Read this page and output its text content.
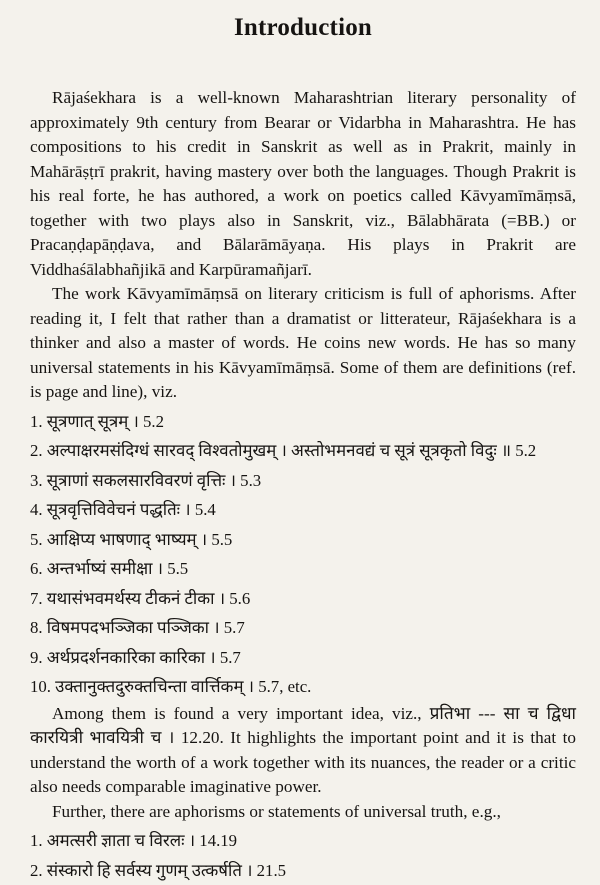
Introduction

Rājaśekhara is a well-known Maharashtrian literary personality of approximately 9th century from Bearar or Vidarbha in Maharashtra. He has compositions to his credit in Sanskrit as well as in Prakrit, mainly in Mahārāṣṭrī prakrit, having mastery over both the languages. Though Prakrit is his real forte, he has authored, a work on poetics called Kāvyamīmāṃsā, together with two plays also in Sanskrit, viz., Bālabhārata (=BB.) or Pracaṇḍapāṇḍava, and Bālarāmāyaṇa. His plays in Prakrit are Viddhaśālabhañjikā and Karpūramañjarī.

The work Kāvyamīmāṃsā on literary criticism is full of aphorisms. After reading it, I felt that rather than a dramatist or litterateur, Rājaśekhara is a thinker and also a master of words. He coins new words. He has so many universal statements in his Kāvyamīmāṃsā. Some of them are definitions (ref. is page and line), viz.

1. सूत्रणात् सूत्रम् । 5.2
2. अल्पाक्षरमसंदिग्धं सारवद् विश्वतोमुखम् । अस्तोभमनवद्यं च सूत्रं सूत्रकृतो विदुः ॥ 5.2
3. सूत्राणां सकलसारविवरणं वृत्तिः । 5.3
4. सूत्रवृत्तिविवेचनं पद्धतिः । 5.4
5. आक्षिप्य भाषणाद् भाष्यम् । 5.5
6. अन्तर्भाष्यं समीक्षा । 5.5
7. यथासंभवमर्थस्य टीकनं टीका । 5.6
8. विषमपदभञ्जिका पञ्जिका । 5.7
9. अर्थप्रदर्शनकारिका कारिका । 5.7
10. उक्तानुक्तदुरुक्तचिन्ता वार्त्तिकम् । 5.7, etc.

Among them is found a very important idea, viz., प्रतिभा --- सा च द्विधा कारयित्री भावयित्री च । 12.20. It highlights the important point and it is that to understand the worth of a work together with its nuances, the reader or a critic also needs comparable imaginative power.

Further, there are aphorisms or statements of universal truth, e.g.,

1. अमत्सरी ज्ञाता च विरलः । 14.19
2. संस्कारो हि सर्वस्य गुणम् उत्कर्षति । 21.5
